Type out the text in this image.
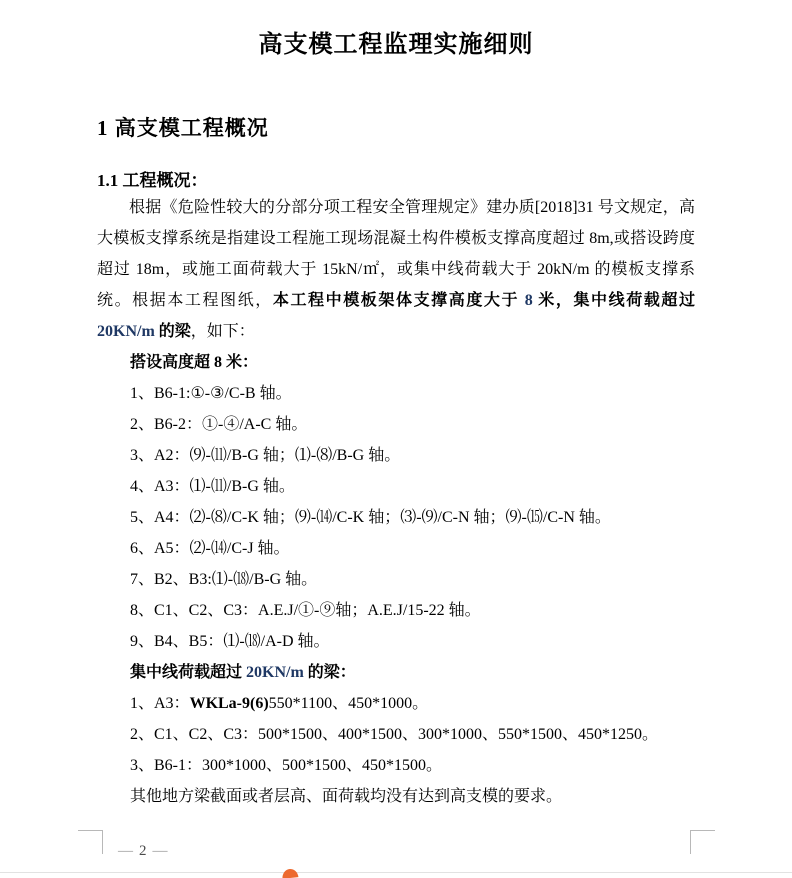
高支模工程监理实施细则
1 高支模工程概况
1.1 工程概况：
根据《危险性较大的分部分项工程安全管理规定》建办质[2018]31 号文规定，高大模板支撑系统是指建设工程施工现场混凝土构件模板支撑高度超过 8m,或搭设跨度超过 18m，或施工面荷载大于 15kN/㎡，或集中线荷载大于 20kN/m 的模板支撑系统。根据本工程图纸，本工程中模板架体支撑高度大于 8 米，集中线荷载超过 20KN/m 的梁，如下：
搭设高度超 8 米：
1、B6-1:①-③/C-B 轴。
2、B6-2：①-④/A-C 轴。
3、A2：⑼-⑾/B-G 轴；⑴-⑻/B-G 轴。
4、A3：⑴-⑾/B-G 轴。
5、A4：⑵-⑻/C-K 轴；⑼-⒁/C-K 轴；⑶-⑼/C-N 轴；⑼-⒂/C-N 轴。
6、A5：⑵-⒁/C-J 轴。
7、B2、B3:⑴-⒅/B-G 轴。
8、C1、C2、C3：A.E.J/①-⑨轴；A.E.J/15-22 轴。
9、B4、B5：⑴-⒅/A-D 轴。
集中线荷载超过 20KN/m 的梁：
1、A3：WKLa-9(6)550*1100、450*1000。
2、C1、C2、C3：500*1500、400*1500、300*1000、550*1500、450*1250。
3、B6-1：300*1000、500*1500、450*1500。
其他地方梁截面或者层高、面荷载均没有达到高支模的要求。
— 2 —
